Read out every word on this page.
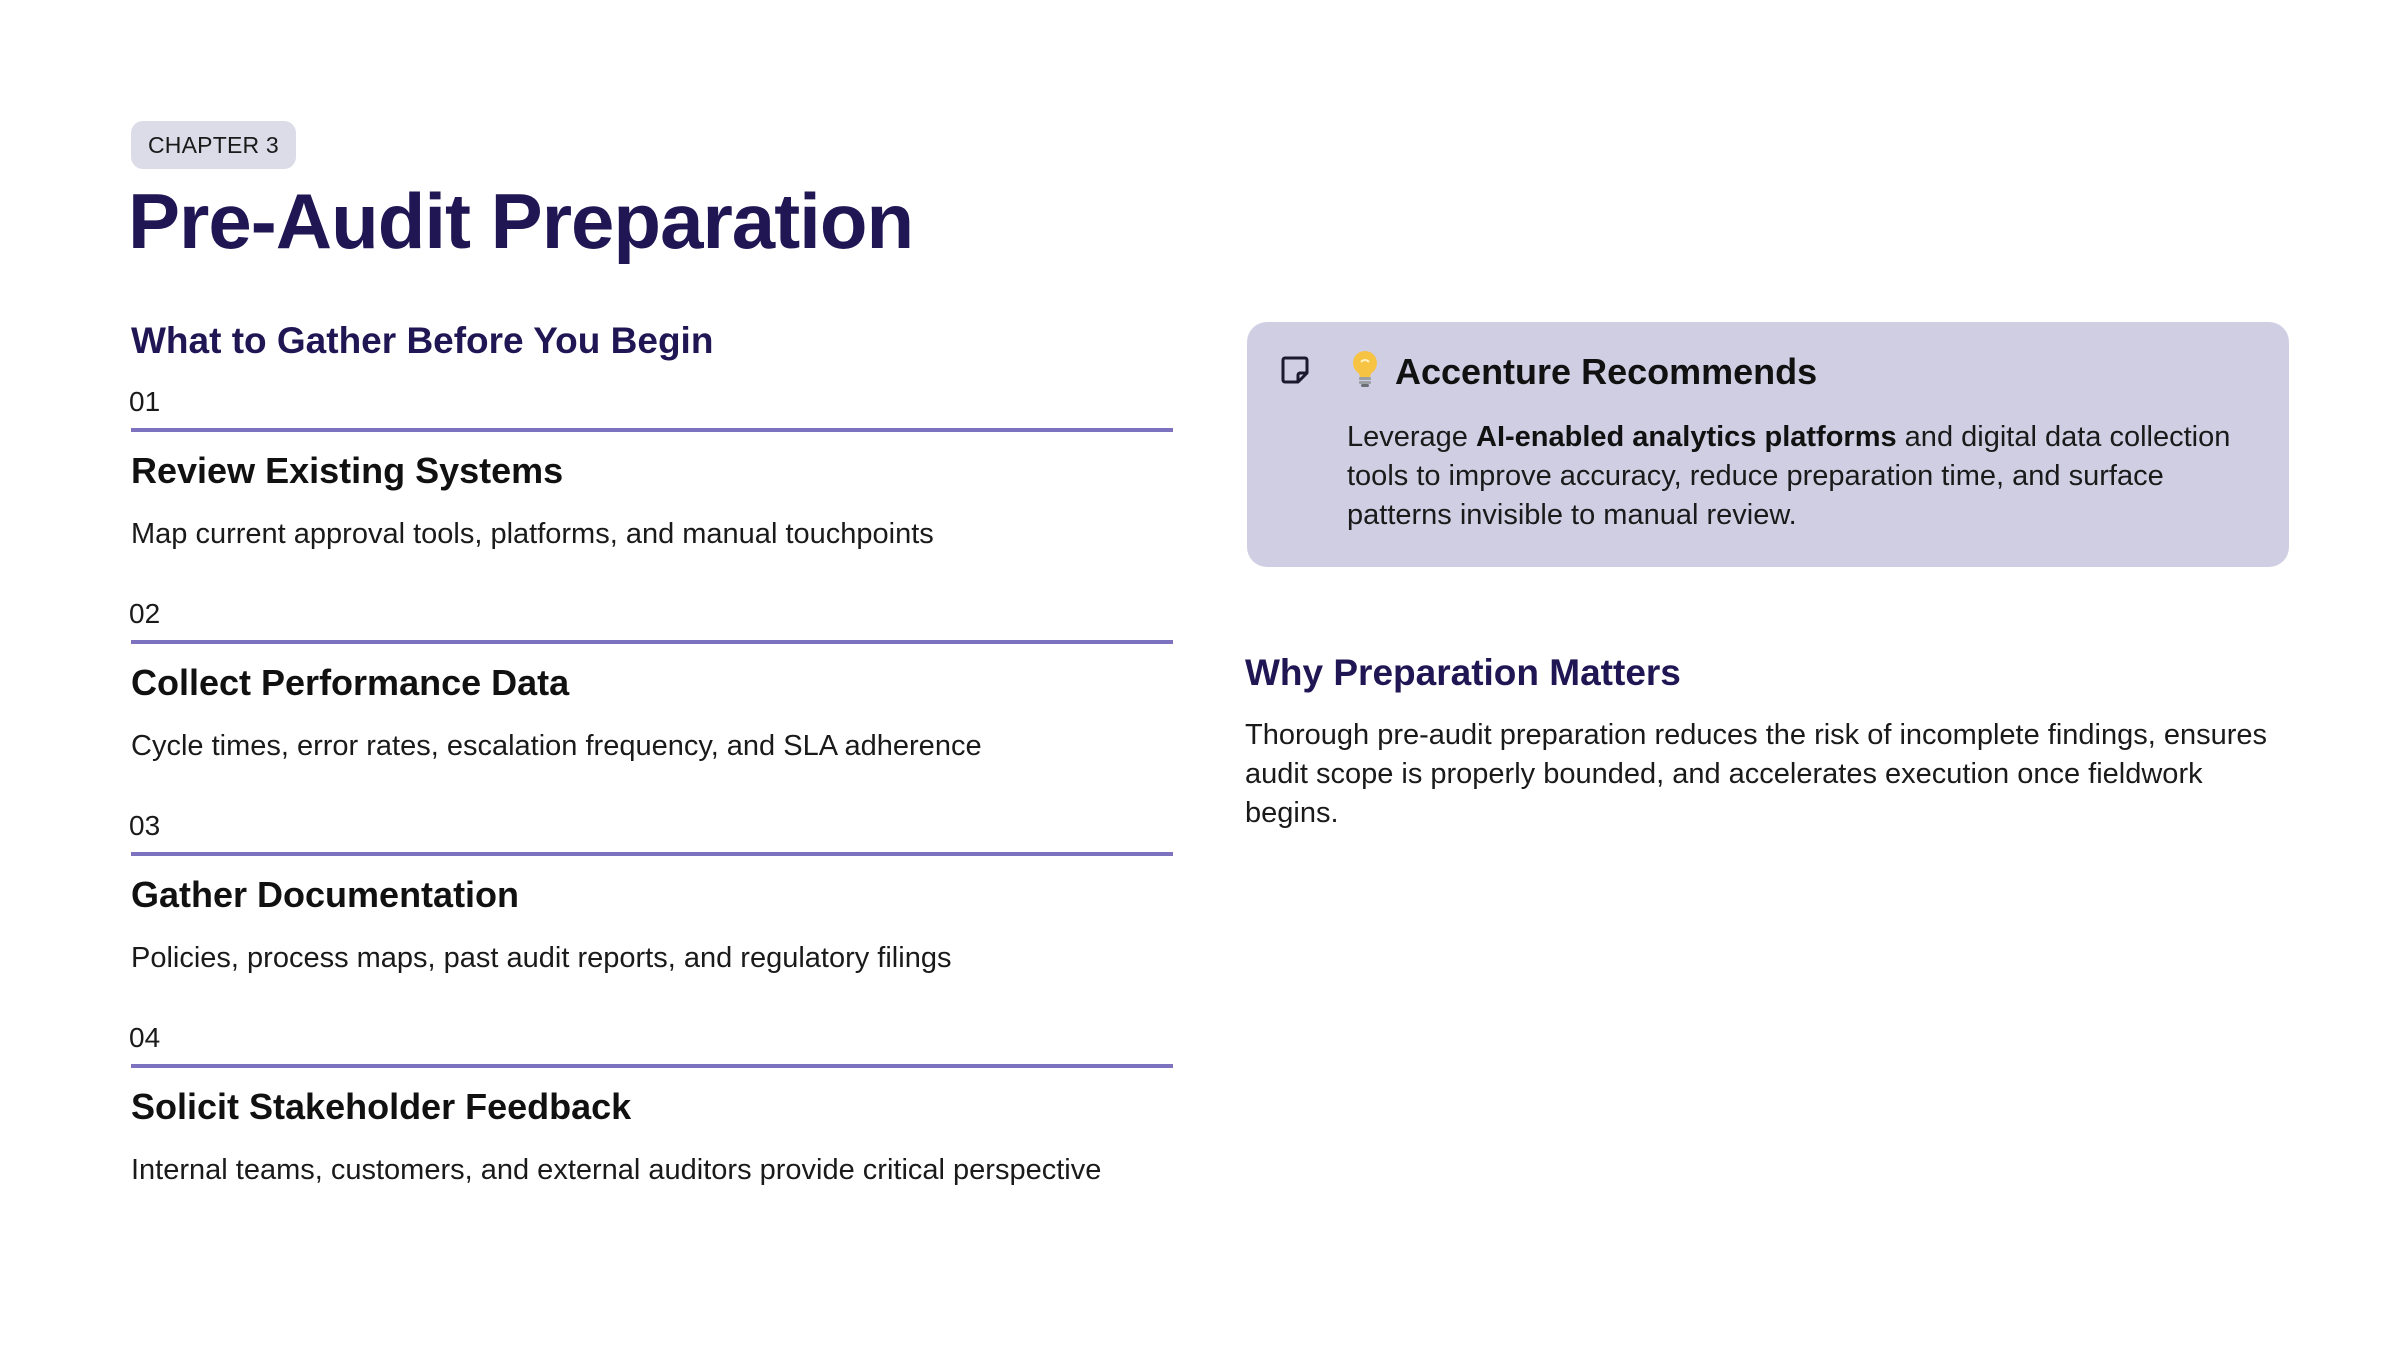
CHAPTER 3
Pre-Audit Preparation
What to Gather Before You Begin
01
Review Existing Systems

Map current approval tools, platforms, and manual touchpoints

02
Collect Performance Data

Cycle times, error rates, escalation frequency, and SLA adherence

03
Gather Documentation

Policies, process maps, past audit reports, and regulatory filings

04
Solicit Stakeholder Feedback

Internal teams, customers, and external auditors provide critical perspective

Accenture Recommends

Leverage AI-enabled analytics platforms and digital data collection tools to improve accuracy, reduce preparation time, and surface patterns invisible to manual review.

Why Preparation Matters

Thorough pre-audit preparation reduces the risk of incomplete findings, ensures audit scope is properly bounded, and accelerates execution once fieldwork begins.
